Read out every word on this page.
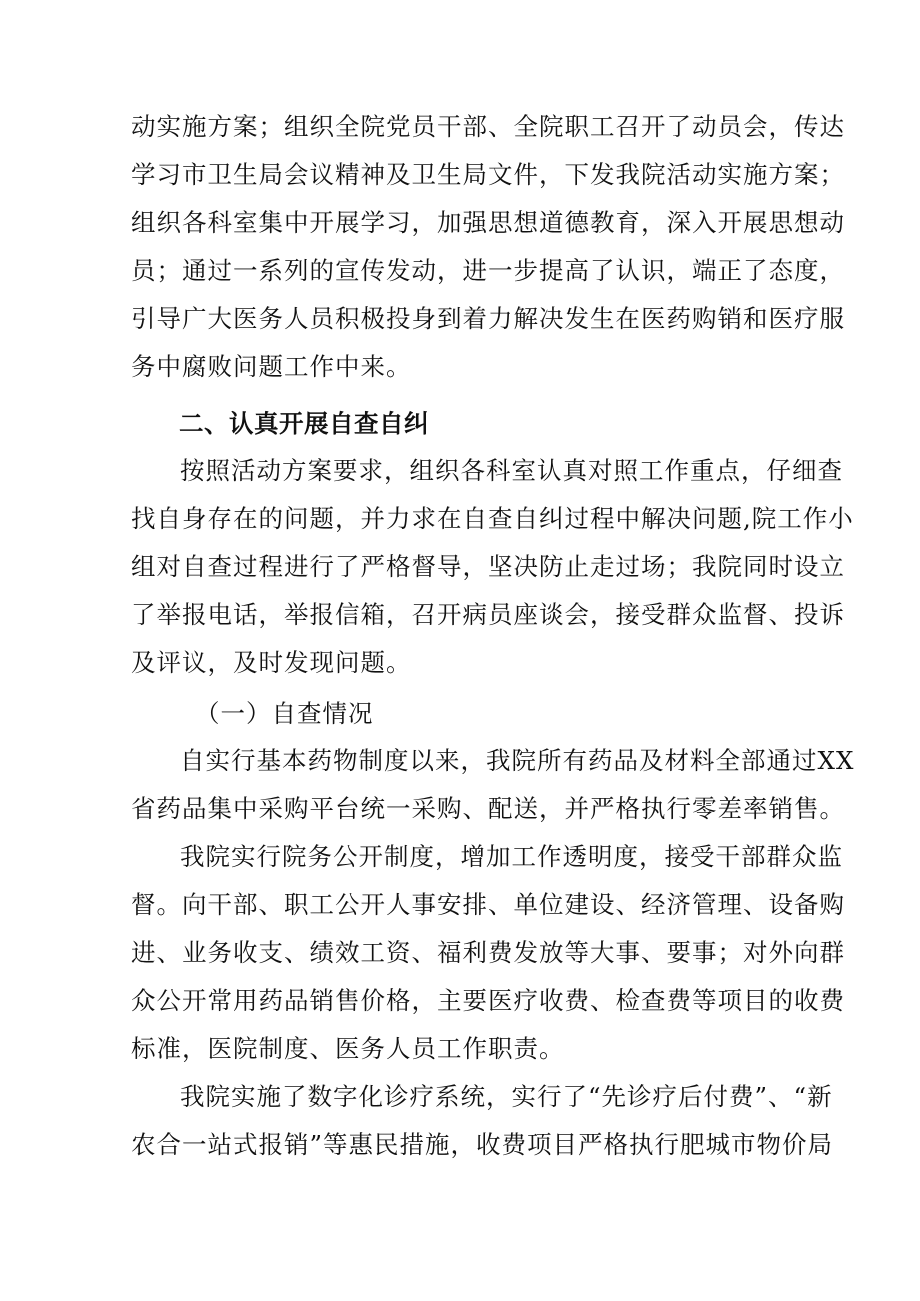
动实施方案；组织全院党员干部、全院职工召开了动员会，传达
学习市卫生局会议精神及卫生局文件，下发我院活动实施方案；
组织各科室集中开展学习，加强思想道德教育，深入开展思想动
员；通过一系列的宣传发动，进一步提高了认识，端正了态度，
引导广大医务人员积极投身到着力解决发生在医药购销和医疗服
务中腐败问题工作中来。
二、认真开展自查自纠
按照活动方案要求，组织各科室认真对照工作重点，仔细查
找自身存在的问题，并力求在自查自纠过程中解决问题,院工作小
组对自查过程进行了严格督导，坚决防止走过场；我院同时设立
了举报电话，举报信箱，召开病员座谈会，接受群众监督、投诉
及评议，及时发现问题。
（一）自查情况
自实行基本药物制度以来，我院所有药品及材料全部通过XX
省药品集中采购平台统一采购、配送，并严格执行零差率销售。
我院实行院务公开制度，增加工作透明度，接受干部群众监
督。向干部、职工公开人事安排、单位建设、经济管理、设备购
进、业务收支、绩效工资、福利费发放等大事、要事；对外向群
众公开常用药品销售价格，主要医疗收费、检查费等项目的收费
标准，医院制度、医务人员工作职责。
我院实施了数字化诊疗系统，实行了“先诊疗后付费”、“新
农合一站式报销”等惠民措施，收费项目严格执行肥城市物价局
